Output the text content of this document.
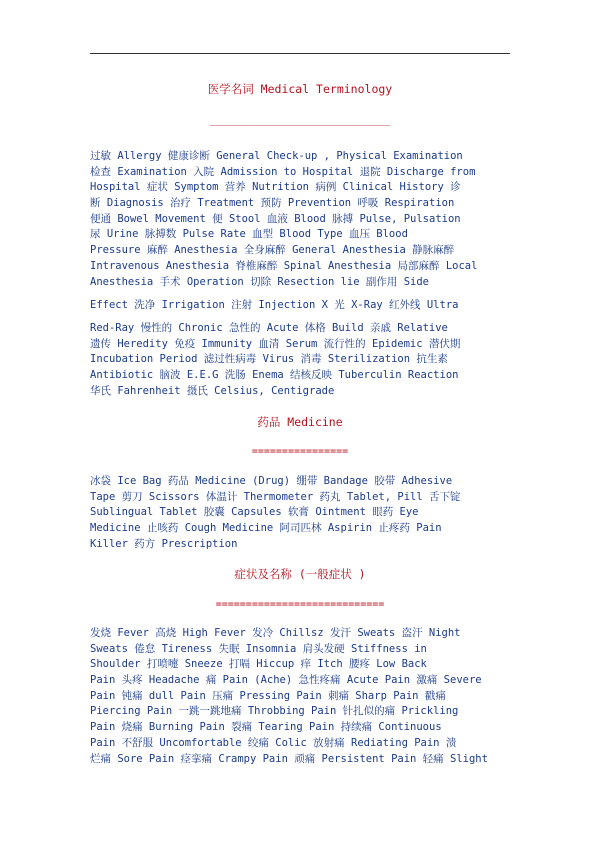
医学名词 Medical Terminology
______________________________
过敏 Allergy 健康诊断 General Check-up , Physical Examination
检查 Examination 入院 Admission to Hospital 退院 Discharge from
Hospital 症状 Symptom 营养 Nutrition 病例 Clinical History 诊
断 Diagnosis 治疗 Treatment 预防 Prevention 呼吸 Respiration
便通 Bowel Movement 便 Stool 血液 Blood 脉搏 Pulse, Pulsation
尿 Urine 脉搏数 Pulse Rate 血型 Blood Type 血压 Blood
Pressure 麻醉 Anesthesia 全身麻醉 General Anesthesia 静脉麻醉
Intravenous Anesthesia 脊椎麻醉 Spinal Anesthesia 局部麻醉 Local
Anesthesia 手术 Operation 切除 Resection lie 副作用 Side
Effect 洗净 Irrigation 注射 Injection X 光 X-Ray 红外线 Ultra
Red-Ray 慢性的 Chronic 急性的 Acute 体格 Build 亲戚 Relative
遗传 Heredity 免疫 Immunity 血清 Serum 流行性的 Epidemic 潜伏期
Incubation Period 滤过性病毒 Virus 消毒 Sterilization 抗生素
Antibiotic 脑波 E.E.G 洗肠 Enema 结核反映 Tuberculin Reaction
华氏 Fahrenheit 摄氏 Celsius, Centigrade
药品 Medicine
================
冰袋 Ice Bag 药品 Medicine (Drug) 绷带 Bandage 胶带 Adhesive
Tape 剪刀 Scissors 体温计 Thermometer 药丸 Tablet, Pill 舌下锭
Sublingual Tablet 胶囊 Capsules 软膏 Ointment 眼药 Eye
Medicine 止咳药 Cough Medicine 阿司匹林 Aspirin 止疼药 Pain
Killer 药方 Prescription
症状及名称 (一般症状 )
============================
发烧 Fever 高烧 High Fever 发冷 Chillsz 发汗 Sweats 盗汗 Night
Sweats 倦怠 Tireness 失眠 Insomnia 肩头发硬 Stiffness in
Shoulder 打喷嚏 Sneeze 打嗝 Hiccup 痒 Itch 腰疼 Low Back
Pain 头疼 Headache 痛 Pain (Ache) 急性疼痛 Acute Pain 激痛 Severe
Pain 钝痛 dull Pain 压痛 Pressing Pain 刺痛 Sharp Pain 戳痛
Piercing Pain 一跳一跳地痛 Throbbing Pain 针扎似的痛 Prickling
Pain 烧痛 Burning Pain 裂痛 Tearing Pain 持续痛 Continuous
Pain 不舒服 Uncomfortable 绞痛 Colic 放射痛 Rediating Pain 溃
烂痛 Sore Pain 痉挛痛 Crampy Pain 顽痛 Persistent Pain 轻痛 Slight
